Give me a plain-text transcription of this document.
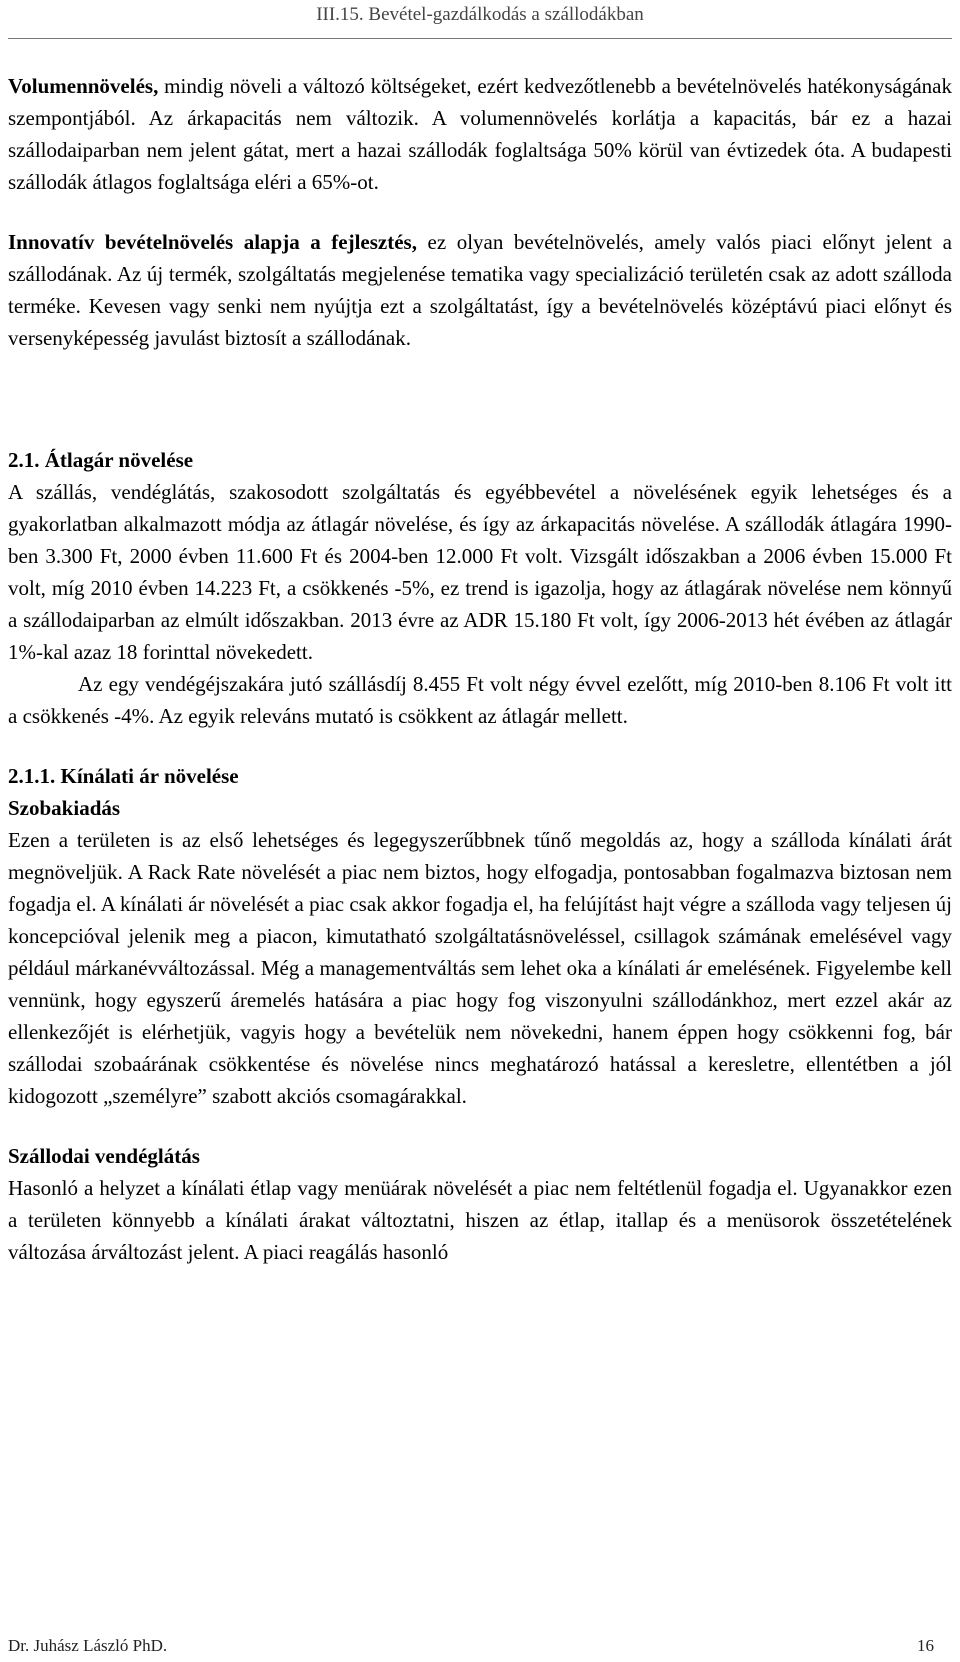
III.15. Bevétel-gazdálkodás a szállodákban

Volumennövelés, mindig növeli a változó költségeket, ezért kedvezőtlenebb a bevételnövelés hatékonyságának szempontjából. Az árkapacitás nem változik. A volumennövelés korlátja a kapacitás, bár ez a hazai szállodaiparban nem jelent gátat, mert a hazai szállodák foglaltsága 50% körül van évtizedek óta. A budapesti szállodák átlagos foglaltsága eléri a 65%-ot.

Innovatív bevételnövelés alapja a fejlesztés, ez olyan bevételnövelés, amely valós piaci előnyt jelent a szállodának. Az új termék, szolgáltatás megjelenése tematika vagy specializáció területén csak az adott szálloda terméke. Kevesen vagy senki nem nyújtja ezt a szolgáltatást, így a bevételnövelés középtávú piaci előnyt és versenyképesség javulást biztosít a szállodának.

2.1. Átlagár növelése

A szállás, vendéglátás, szakosodott szolgáltatás és egyébbevétel a növelésének egyik lehetséges és a gyakorlatban alkalmazott módja az átlagár növelése, és így az árkapacitás növelése. A szállodák átlagára 1990-ben 3.300 Ft, 2000 évben 11.600 Ft és 2004-ben 12.000 Ft volt. Vizsgált időszakban a 2006 évben 15.000 Ft volt, míg 2010 évben 14.223 Ft, a csökkenés -5%, ez trend is igazolja, hogy az átlagárak növelése nem könnyű a szállodaiparban az elmúlt időszakban. 2013 évre az ADR 15.180 Ft volt, így 2006-2013 hét évében az átlagár 1%-kal azaz 18 forinttal növekedett.

Az egy vendégéjszakára jutó szállásdíj 8.455 Ft volt négy évvel ezelőtt, míg 2010-ben 8.106 Ft volt itt a csökkenés -4%. Az egyik releváns mutató is csökkent az átlagár mellett.

2.1.1. Kínálati ár növelése
Szobakiadás

Ezen a területen is az első lehetséges és legegyszerűbbnek tűnő megoldás az, hogy a szálloda kínálati árát megnöveljük. A Rack Rate növelését a piac nem biztos, hogy elfogadja, pontosabban fogalmazva biztosan nem fogadja el. A kínálati ár növelését a piac csak akkor fogadja el, ha felújítást hajt végre a szálloda vagy teljesen új koncepcióval jelenik meg a piacon, kimutatható szolgáltatásnöveléssel, csillagok számának emelésével vagy például márkanévváltozással. Még a managementváltás sem lehet oka a kínálati ár emelésének. Figyelembe kell vennünk, hogy egyszerű áremelés hatására a piac hogy fog viszonyulni szállodánkhoz, mert ezzel akár az ellenkezőjét is elérhetjük, vagyis hogy a bevételük nem növekedni, hanem éppen hogy csökkenni fog, bár szállodai szobaárának csökkentése és növelése nincs meghatározó hatással a keresletre, ellentétben a jól kidogozott „személyre” szabott akciós csomagárakkal.

Szállodai vendéglátás

Hasonló a helyzet a kínálati étlap vagy menüárak növelését a piac nem feltétlenül fogadja el. Ugyanakkor ezen a területen könnyebb a kínálati árakat változtatni, hiszen az étlap, itallap és a menüsorok összetételének változása árváltozást jelent. A piaci reagálás hasonló

Dr. Juhász László PhD.	16
